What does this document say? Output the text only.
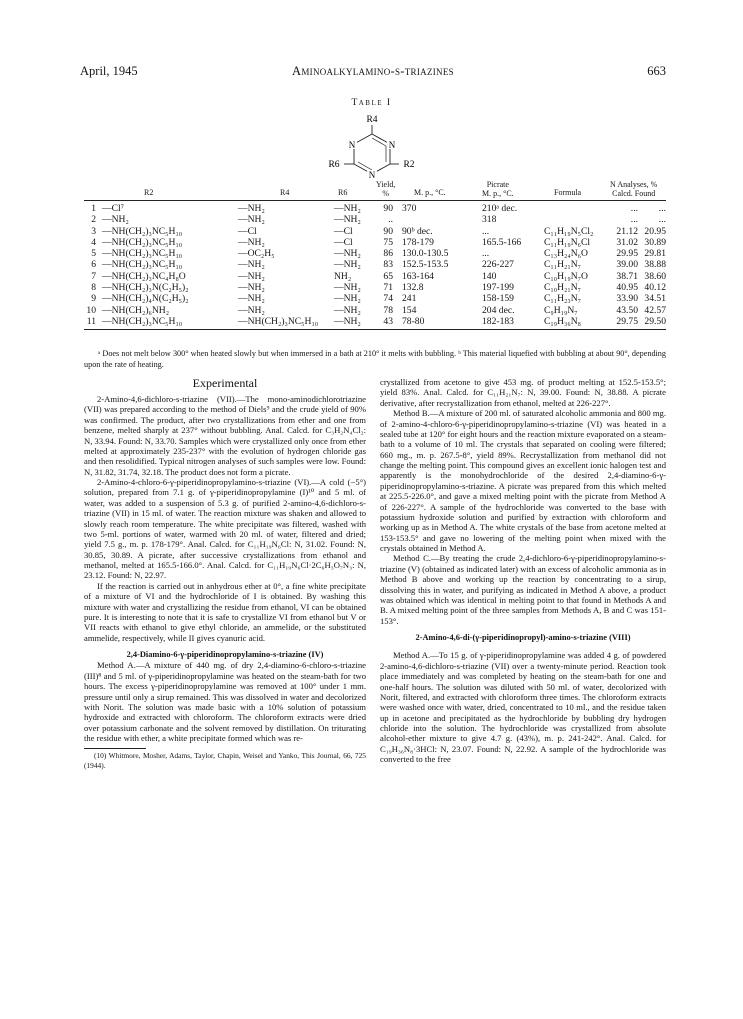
April, 1945	Aminoalkylamino-s-triazines	663
Table I
R4
N	N
N
R6	R2
R2	R4	R6
Yield,
%	M. p., °C.
Picrate
M. p., °C.	Formula
N Analyses, %
Calcd. Found
1 —Cl⁷	—NH₂	—NH₂	90 370	210ᵃ dec.	...	...
2 —NH₂	—NH₂	—NH₂	..	318	...	...
3 —NH(CH₂)₃NC₅H₁₀	—Cl	—Cl	90 90ᵇ dec.	...	C₁₁H₁₉N₅Cl₂	21.12 20.95
4 —NH(CH₂)₃NC₅H₁₀	—NH₂	—Cl	75 178-179	165.5-166 C₁₁H₁₉N₆Cl	31.02 30.89
5 —NH(CH₂)₃NC₅H₁₀	—OC₂H₅	—NH₂	86 130.0-130.5	...	C₁₃H₂₄N₆O	29.95 29.81
6 —NH(CH₂)₃NC₅H₁₀	—NH₂	—NH₂	83 152.5-153.5	226-227	C₁₁H₂₁N₇	39.00 38.88
7 —NH(CH₂)₃NC₄H₈O	—NH₂	NH₂	65 163-164	140	C₁₀H₁₉N₇O	38.71 38.60
8 —NH(CH₂)₃N(C₂H₅)₂	—NH₂	—NH₂	71 132.8	197-199	C₁₀H₂₁N₇	40.95 40.12
9 —NH(CH₂)₄N(C₂H₅)₂	—NH₂	—NH₂	74 241	158-159	C₁₁H₂₃N₇	33.90 34.51
10 —NH(CH₂)₆NH₂	—NH₂	—NH₂	78 154	204 dec.	C₉H₁₉N₇	43.50 42.57
11 —NH(CH₂)₃NC₅H₁₀	—NH(CH₂)₃NC₅H₁₀ —NH₂	43 78-80	182-183	C₁₉H₃₆N₈	29.75 29.50
ᵃ Does not melt below 300° when heated slowly but when immersed in a bath at 210° it melts with bubbling. ᵇ This material liquefied with bubbling at about 90°, depending upon the rate of heating.

Experimental

2-Amino-4,6-dichloro-s-triazine (VII).—The mono-aminodichlorotriazine (VII) was prepared according to the method of Diels⁹ and the crude yield of 90% was confirmed. The product, after two crystallizations from ether and one from benzene, melted sharply at 237° without bubbling. Anal. Calcd. for C₃H₂N₄Cl₂: N, 33.94. Found: N, 33.70. Samples which were crystallized only once from ether melted at approximately 235-237° with the evolution of hydrogen chloride gas and then resolidified. Typical nitrogen analyses of such samples were low. Found: N, 31.82, 31.74, 32.18. The product does not form a picrate.

2-Amino-4-chloro-6-γ-piperidinopropylamino-s-triazine (VI).—A cold (−5°) solution, prepared from 7.1 g. of γ-piperidinopropylamine (I)¹⁰ and 5 ml. of water, was added to a suspension of 5.3 g. of purified 2-amino-4,6-dichloro-s-triazine (VII) in 15 ml. of water. The reaction mixture was shaken and allowed to slowly reach room temperature. The white precipitate was filtered, washed with two 5-ml. portions of water, warmed with 20 ml. of water, filtered and dried; yield 7.5 g., m. p. 178-179°. Anal. Calcd. for C₁₁H₁₉N₆Cl: N, 31.02. Found: N, 30.85, 30.89. A picrate, after successive crystallizations from ethanol and methanol, melted at 165.5-166.0°. Anal. Calcd. for C₁₁H₁₉N₆Cl·2C₆H₃O₇N₃: N, 23.12. Found: N, 22.97.

If the reaction is carried out in anhydrous ether at 0°, a fine white precipitate of a mixture of VI and the hydrochloride of I is obtained. By washing this mixture with water and crystallizing the residue from ethanol, VI can be obtained pure. It is interesting to note that it is safe to crystallize VI from ethanol but V or VII reacts with ethanol to give ethyl chloride, an ammelide, or the substituted ammelide, respectively, while II gives cyanuric acid.

2,4-Diamino-6-γ-piperidinopropylamino-s-triazine (IV)

Method A.—A mixture of 440 mg. of dry 2,4-diamino-6-chloro-s-triazine (III)⁸ and 5 ml. of γ-piperidinopropylamine was heated on the steam-bath for two hours. The excess γ-piperidinopropylamine was removed at 100° under 1 mm. pressure until only a sirup remained. This was dissolved in water and decolorized with Norit. The solution was made basic with a 10% solution of potassium hydroxide and extracted with chloroform. The chloroform extracts were dried over potassium carbonate and the solvent removed by distillation. On triturating the residue with ether, a white precipitate formed which was re-

(10) Whitmore, Mosher, Adams, Taylor, Chapin, Weisel and Yanko, This Journal, 66, 725 (1944).

crystallized from acetone to give 453 mg. of product melting at 152.5-153.5°; yield 83%. Anal. Calcd. for C₁₁H₂₁N₇: N, 39.00. Found: N, 38.88. A picrate derivative, after recrystallization from ethanol, melted at 226-227°.

Method B.—A mixture of 200 ml. of saturated alcoholic ammonia and 800 mg. of 2-amino-4-chloro-6-γ-piperidinopropylamino-s-triazine (VI) was heated in a sealed tube at 120° for eight hours and the reaction mixture evaporated on a steam-bath to a volume of 10 ml. The crystals that separated on cooling were filtered; 660 mg., m. p. 267.5-8°, yield 89%. Recrystallization from methanol did not change the melting point. This compound gives an excellent ionic halogen test and apparently is the monohydrochloride of the desired 2,4-diamino-6-γ-piperidinopropylamino-s-triazine. A picrate was prepared from this which melted at 225.5-226.0°, and gave a mixed melting point with the picrate from Method A of 226-227°. A sample of the hydrochloride was converted to the base with potassium hydroxide solution and purified by extraction with chloroform and working up as in Method A. The white crystals of the base from acetone melted at 153-153.5° and gave no lowering of the melting point when mixed with the crystals obtained in Method A.

Method C.—By treating the crude 2,4-dichloro-6-γ-piperidinopropylamino-s-triazine (V) (obtained as indicated later) with an excess of alcoholic ammonia as in Method B above and working up the reaction by concentrating to a sirup, dissolving this in water, and purifying as indicated in Method A above, a product was obtained which was identical in melting point to that found in Methods A and B. A mixed melting point of the three samples from Methods A, B and C was 151-153°.

2-Amino-4,6-di-(γ-piperidinopropyl)-amino-s-triazine (VIII)

Method A.—To 15 g. of γ-piperidinopropylamine was added 4 g. of powdered 2-amino-4,6-dichloro-s-triazine (VII) over a twenty-minute period. Reaction took place immediately and was completed by heating on the steam-bath for one and one-half hours. The solution was diluted with 50 ml. of water, decolorized with Norit, filtered, and extracted with chloroform three times. The chloroform extracts were washed once with water, dried, concentrated to 10 ml., and the residue taken up in acetone and precipitated as the hydrochloride by bubbling dry hydrogen chloride into the solution. The hydrochloride was crystallized from absolute alcohol-ether mixture to give 4.7 g. (43%), m. p. 241-242°. Anal. Calcd. for C₁₉H₃₆N₈·3HCl: N, 23.07. Found: N, 22.92. A sample of the hydrochloride was converted to the free
